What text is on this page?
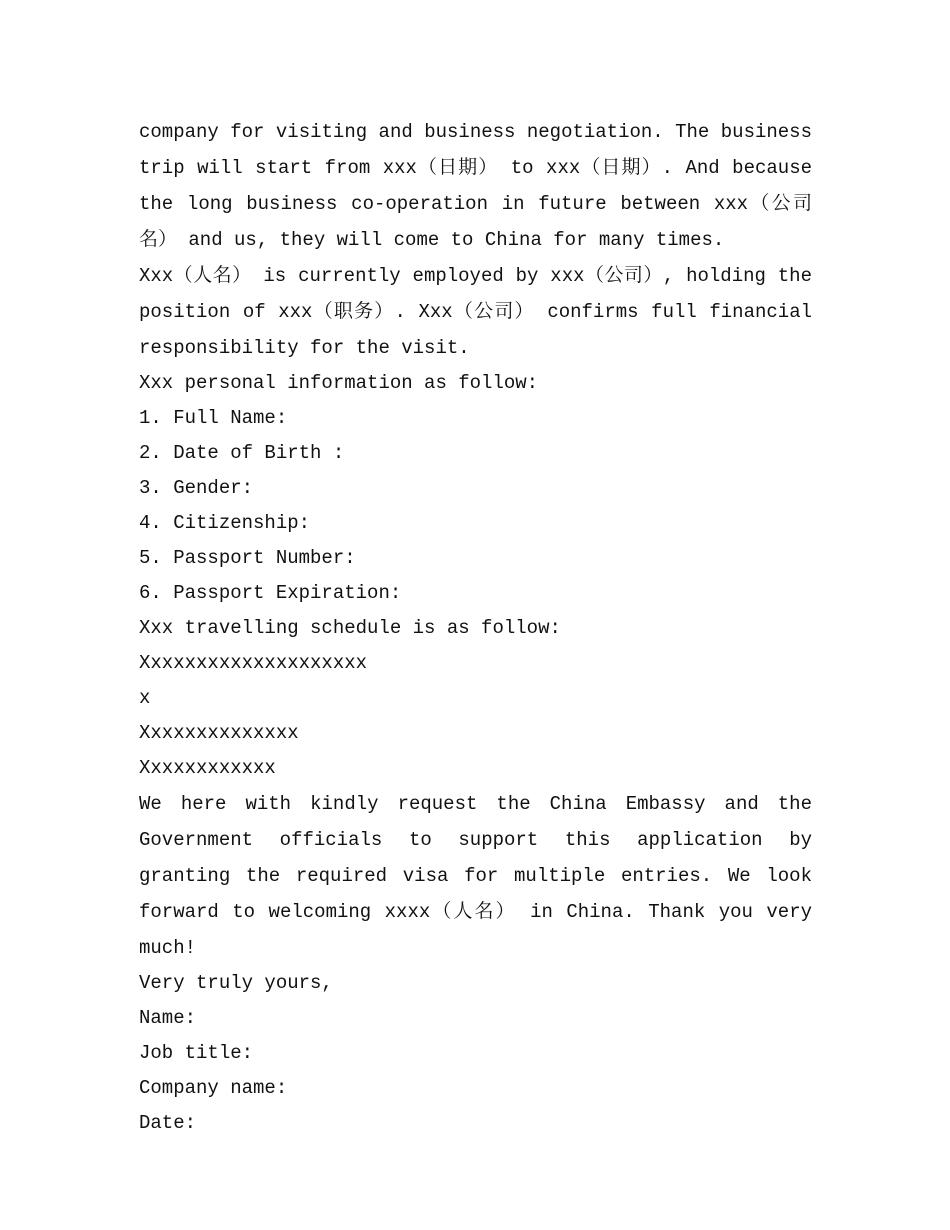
company for visiting and business negotiation. The business trip will start from xxx（日期） to xxx（日期）. And because the long business co-operation in future between xxx（公司名） and us, they will come to China for many times.

Xxx（人名） is currently employed by xxx（公司）, holding the position of xxx（职务）. Xxx（公司） confirms full financial responsibility for the visit.

Xxx personal information as follow:
1. Full Name:
2. Date of Birth :
3. Gender:
4. Citizenship:
5. Passport Number:
6. Passport Expiration:
Xxx travelling schedule is as follow:
Xxxxxxxxxxxxxxxxxxxx
x
Xxxxxxxxxxxxxx
Xxxxxxxxxxxx

We here with kindly request the China Embassy and the Government officials to support this application by granting the required visa for multiple entries. We look forward to welcoming xxxx（人名） in China. Thank you very much!

Very truly yours,
Name:
Job title:
Company name:
Date:
